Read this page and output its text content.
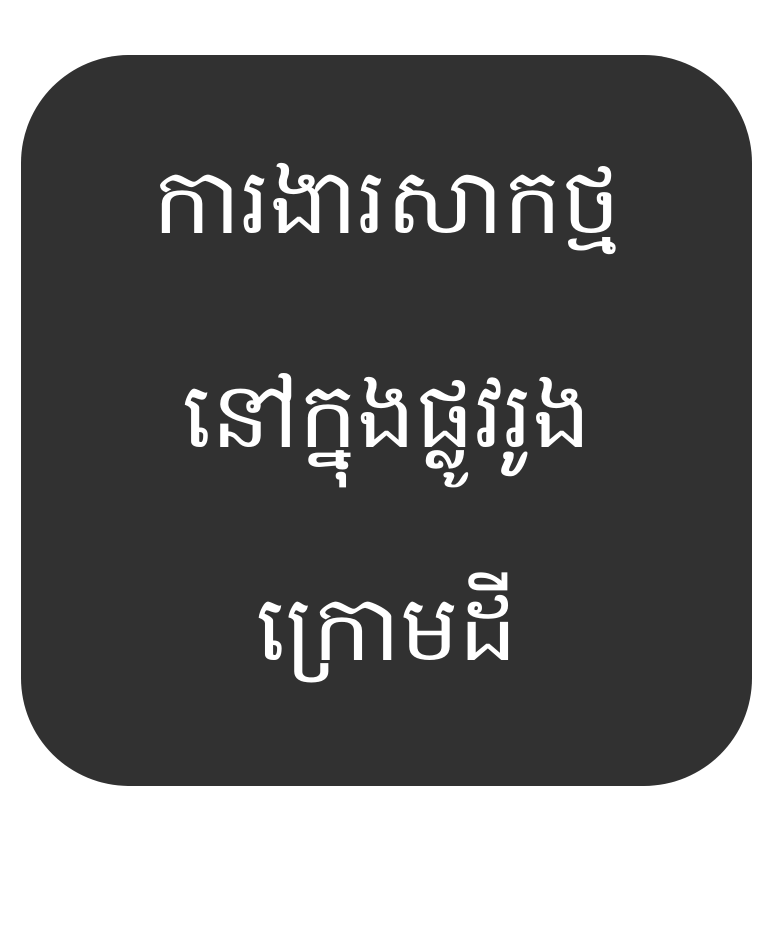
ការងារសាកថ្ម
នៅក្នុងផ្លូវរូង
ក្រោមដី
